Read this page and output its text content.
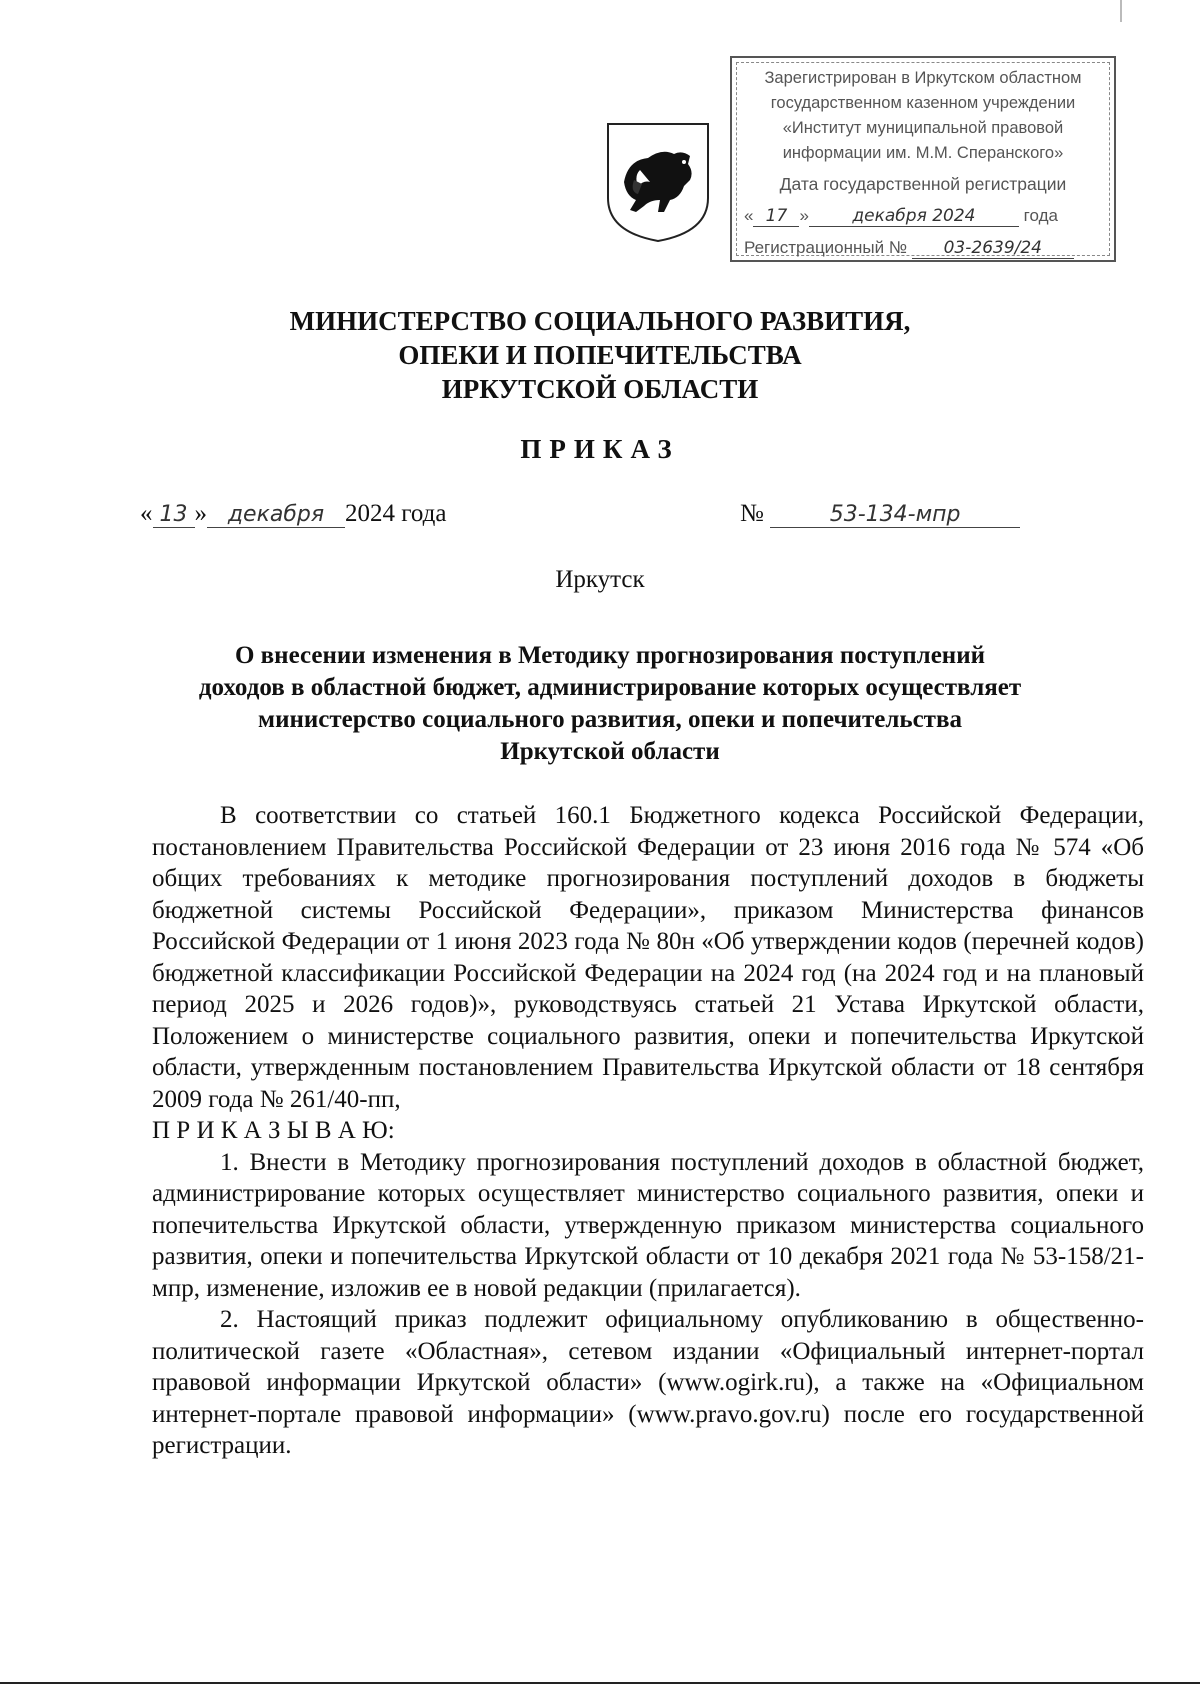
Зарегистрирован в Иркутском областном
государственном казенном учреждении
«Институт муниципальной правовой
информации им. М.М. Сперанского»
Дата государственной регистрации
« 17 »	декабря 2024	года
Регистрационный № 03-2639/24
МИНИСТЕРСТВО СОЦИАЛЬНОГО РАЗВИТИЯ,
ОПЕКИ И ПОПЕЧИТЕЛЬСТВА
ИРКУТСКОЙ ОБЛАСТИ
ПРИКАЗ
« 13 » декабря 2024 года	№	53-134-мпр
Иркутск
О внесении изменения в Методику прогнозирования поступлений
доходов в областной бюджет, администрирование которых осуществляет
министерство социального развития, опеки и попечительства
Иркутской области

В соответствии со статьей 160.1 Бюджетного кодекса Российской Федерации, постановлением Правительства Российской Федерации от 23 июня 2016 года № 574 «Об общих требованиях к методике прогнозирования поступлений доходов в бюджеты бюджетной системы Российской Федерации», приказом Министерства финансов Российской Федерации от 1 июня 2023 года № 80н «Об утверждении кодов (перечней кодов) бюджетной классификации Российской Федерации на 2024 год (на 2024 год и на плановый период 2025 и 2026 годов)», руководствуясь статьей 21 Устава Иркутской области, Положением о министерстве социального развития, опеки и попечительства Иркутской области, утвержденным постановлением Правительства Иркутской области от 18 сентября 2009 года № 261/40-пп,

П Р И К А З Ы В А Ю:

1. Внести в Методику прогнозирования поступлений доходов в областной бюджет, администрирование которых осуществляет министерство социального развития, опеки и попечительства Иркутской области, утвержденную приказом министерства социального развития, опеки и попечительства Иркутской области от 10 декабря 2021 года № 53-158/21-мпр, изменение, изложив ее в новой редакции (прилагается).

2. Настоящий приказ подлежит официальному опубликованию в общественно-политической газете «Областная», сетевом издании «Официальный интернет-портал правовой информации Иркутской области» (www.ogirk.ru), а также на «Официальном интернет-портале правовой информации» (www.pravo.gov.ru) после его государственной регистрации.
